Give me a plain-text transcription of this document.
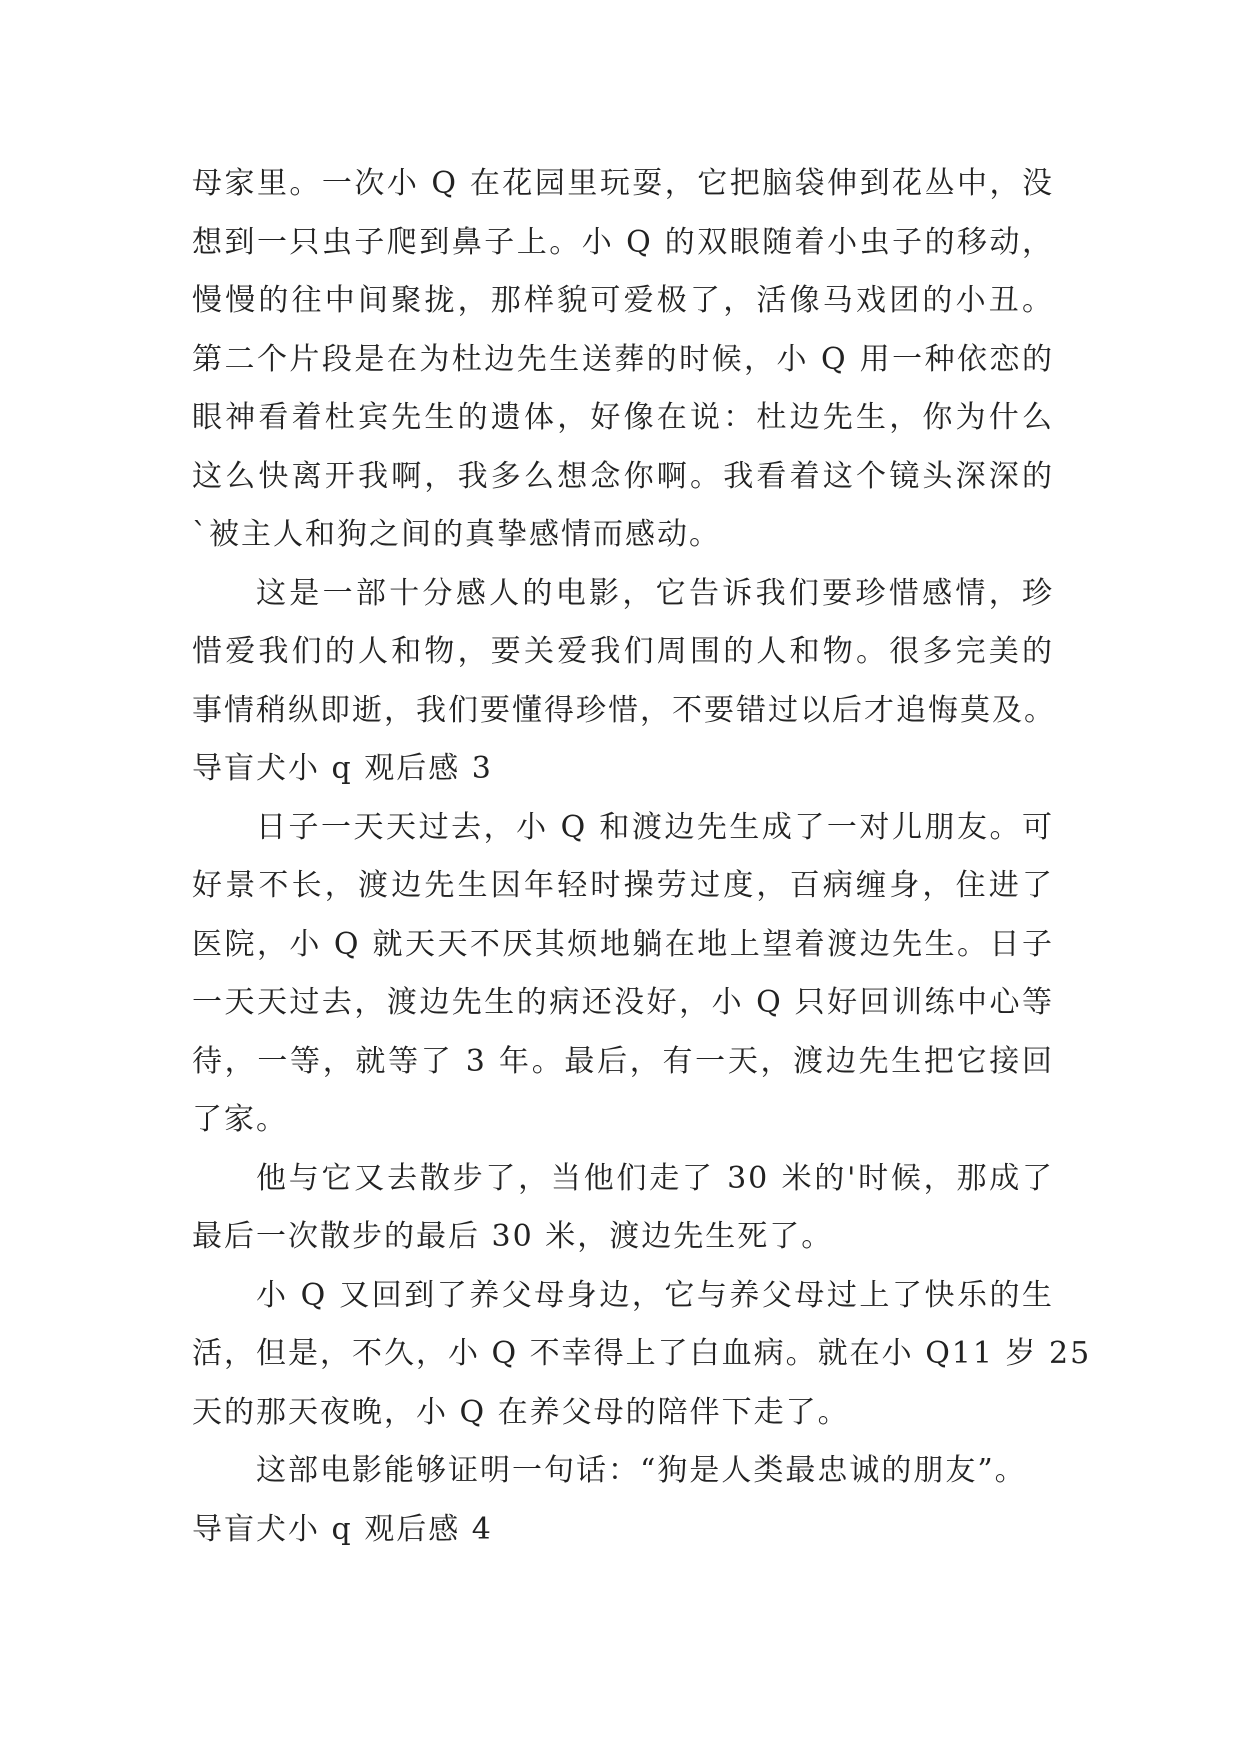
母家里。一次小 Q 在花园里玩耍，它把脑袋伸到花丛中，没
想到一只虫子爬到鼻子上。小 Q 的双眼随着小虫子的移动，
慢慢的往中间聚拢，那样貌可爱极了，活像马戏团的小丑。
第二个片段是在为杜边先生送葬的时候，小 Q 用一种依恋的
眼神看着杜宾先生的遗体，好像在说：杜边先生，你为什么
这么快离开我啊，我多么想念你啊。我看着这个镜头深深的
`被主人和狗之间的真挚感情而感动。
这是一部十分感人的电影，它告诉我们要珍惜感情，珍
惜爱我们的人和物，要关爱我们周围的人和物。很多完美的
事情稍纵即逝，我们要懂得珍惜，不要错过以后才追悔莫及。
导盲犬小 q 观后感 3
日子一天天过去，小 Q 和渡边先生成了一对儿朋友。可
好景不长，渡边先生因年轻时操劳过度，百病缠身，住进了
医院，小 Q 就天天不厌其烦地躺在地上望着渡边先生。日子
一天天过去，渡边先生的病还没好，小 Q 只好回训练中心等
待，一等，就等了 3 年。最后，有一天，渡边先生把它接回
了家。
他与它又去散步了，当他们走了 30 米的'时候，那成了
最后一次散步的最后 30 米，渡边先生死了。
小 Q 又回到了养父母身边，它与养父母过上了快乐的生
活，但是，不久，小 Q 不幸得上了白血病。就在小 Q11 岁 25
天的那天夜晚，小 Q 在养父母的陪伴下走了。
这部电影能够证明一句话：“狗是人类最忠诚的朋友”。
导盲犬小 q 观后感 4
